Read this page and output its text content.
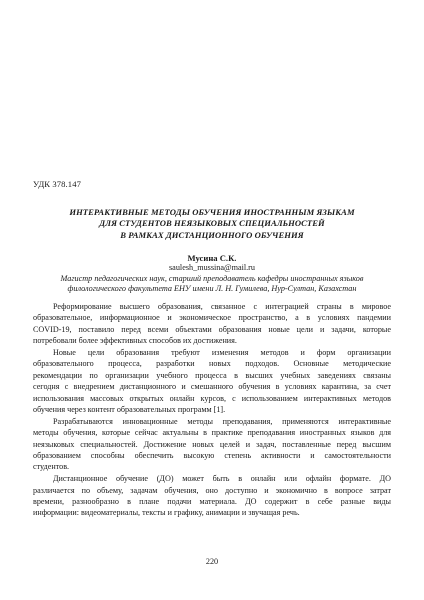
УДК 378.147
ИНТЕРАКТИВНЫЕ МЕТОДЫ ОБУЧЕНИЯ ИНОСТРАННЫМ ЯЗЫКАМ
ДЛЯ СТУДЕНТОВ НЕЯЗЫКОВЫХ СПЕЦИАЛЬНОСТЕЙ
В РАМКАХ ДИСТАНЦИОННОГО ОБУЧЕНИЯ
Мусина С.К.
saulesh_mussina@mail.ru
Магистр педагогических наук, старший преподаватель кафедры иностранных языков
филологического факультета ЕНУ имени Л. Н. Гумилева, Нур-Султан, Казахстан

Реформирование высшего образования, связанное с интеграцией страны в мировое
образовательное, информационное и экономическое пространство, а в условиях пандемии
COVID-19, поставило перед всеми объектами образования новые цели и задачи, которые
потребовали более эффективных способов их достижения.

Новые цели образования требуют изменения методов и форм организации
образовательного процесса, разработки новых подходов. Основные методические
рекомендации по организации учебного процесса в высших учебных заведениях связаны
сегодня с внедрением дистанционного и смешанного обучения в условиях карантина, за счет
использования массовых открытых онлайн курсов, с использованием интерактивных методов
обучения через контент образовательных программ [1].

Разрабатываются инновационные методы преподавания, применяются интерактивные
методы обучения, которые сейчас актуальны в практике преподавания иностранных языков для
неязыковых специальностей. Достижение новых целей и задач, поставленные перед высшим
образованием способны обеспечить высокую степень активности и самостоятельности
студентов.

Дистанционное обучение (ДО) может быть в онлайн или офлайн формате. ДО
различается по объему, задачам обучения, оно доступно и экономично в вопросе затрат
времени, разнообразно в плане подачи материала. ДО содержит в себе разные виды
информации: видеоматериалы, тексты и графику, анимации и звучащая речь.

220
